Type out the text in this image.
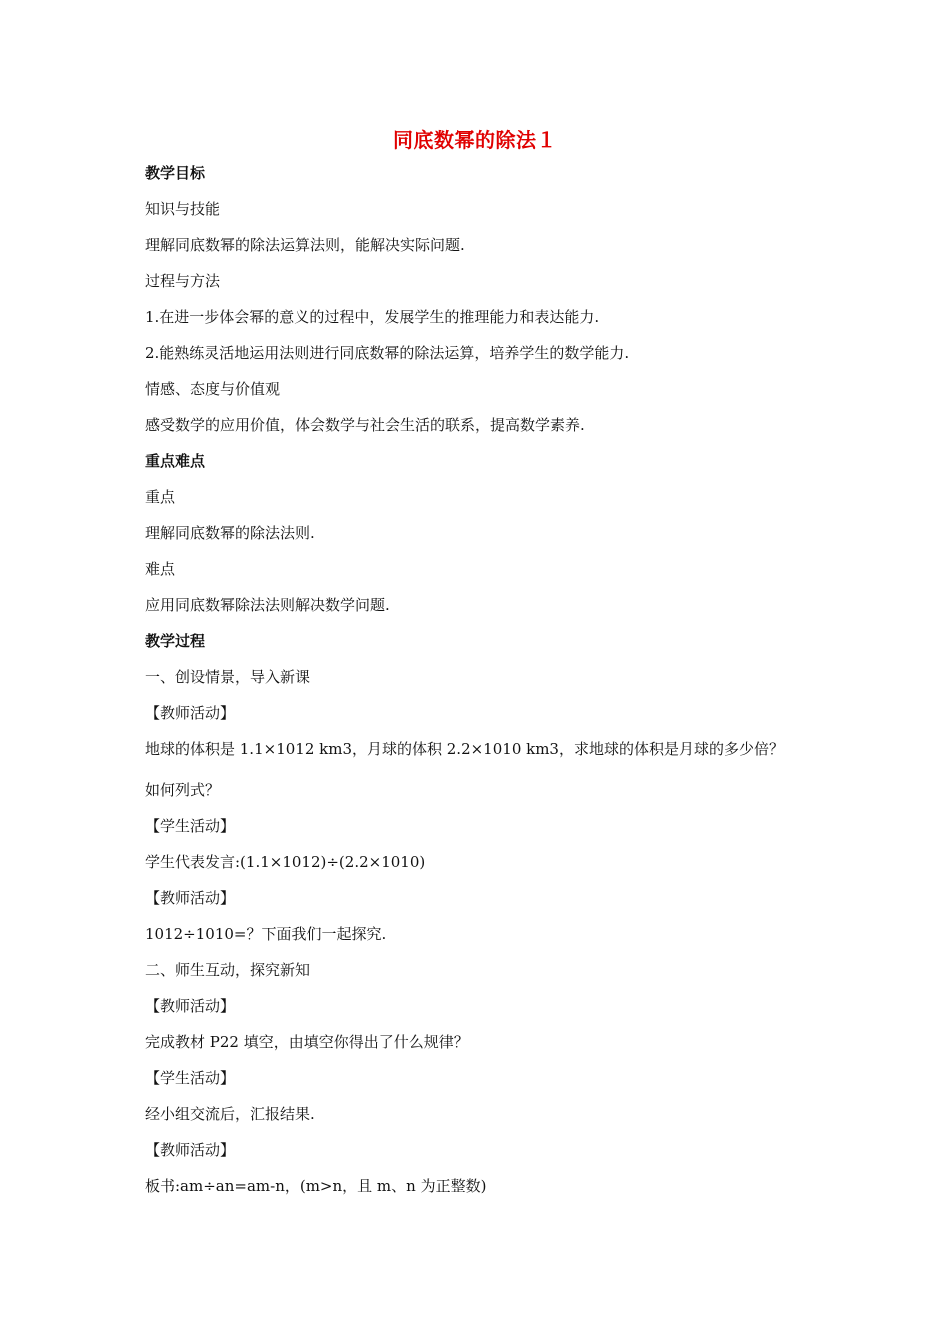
同底数幂的除法１
教学目标
知识与技能
理解同底数幂的除法运算法则，能解决实际问题.
过程与方法
1.在进一步体会幂的意义的过程中，发展学生的推理能力和表达能力.
2.能熟练灵活地运用法则进行同底数幂的除法运算，培养学生的数学能力.
情感、态度与价值观
感受数学的应用价值，体会数学与社会生活的联系，提高数学素养.
重点难点
重点
理解同底数幂的除法法则.
难点
应用同底数幂除法法则解决数学问题.
教学过程
一、创设情景，导入新课
【教师活动】
地球的体积是 1.1×1012 km3，月球的体积 2.2×1010 km3，求地球的体积是月球的多少倍？
如何列式？
【学生活动】
学生代表发言:(1.1×1012)÷(2.2×1010)
【教师活动】
1012÷1010=？下面我们一起探究.
二、师生互动，探究新知
【教师活动】
完成教材 P22 填空，由填空你得出了什么规律？
【学生活动】
经小组交流后，汇报结果.
【教师活动】
板书:am÷an=am-n，(m>n，且 m、n 为正整数)
